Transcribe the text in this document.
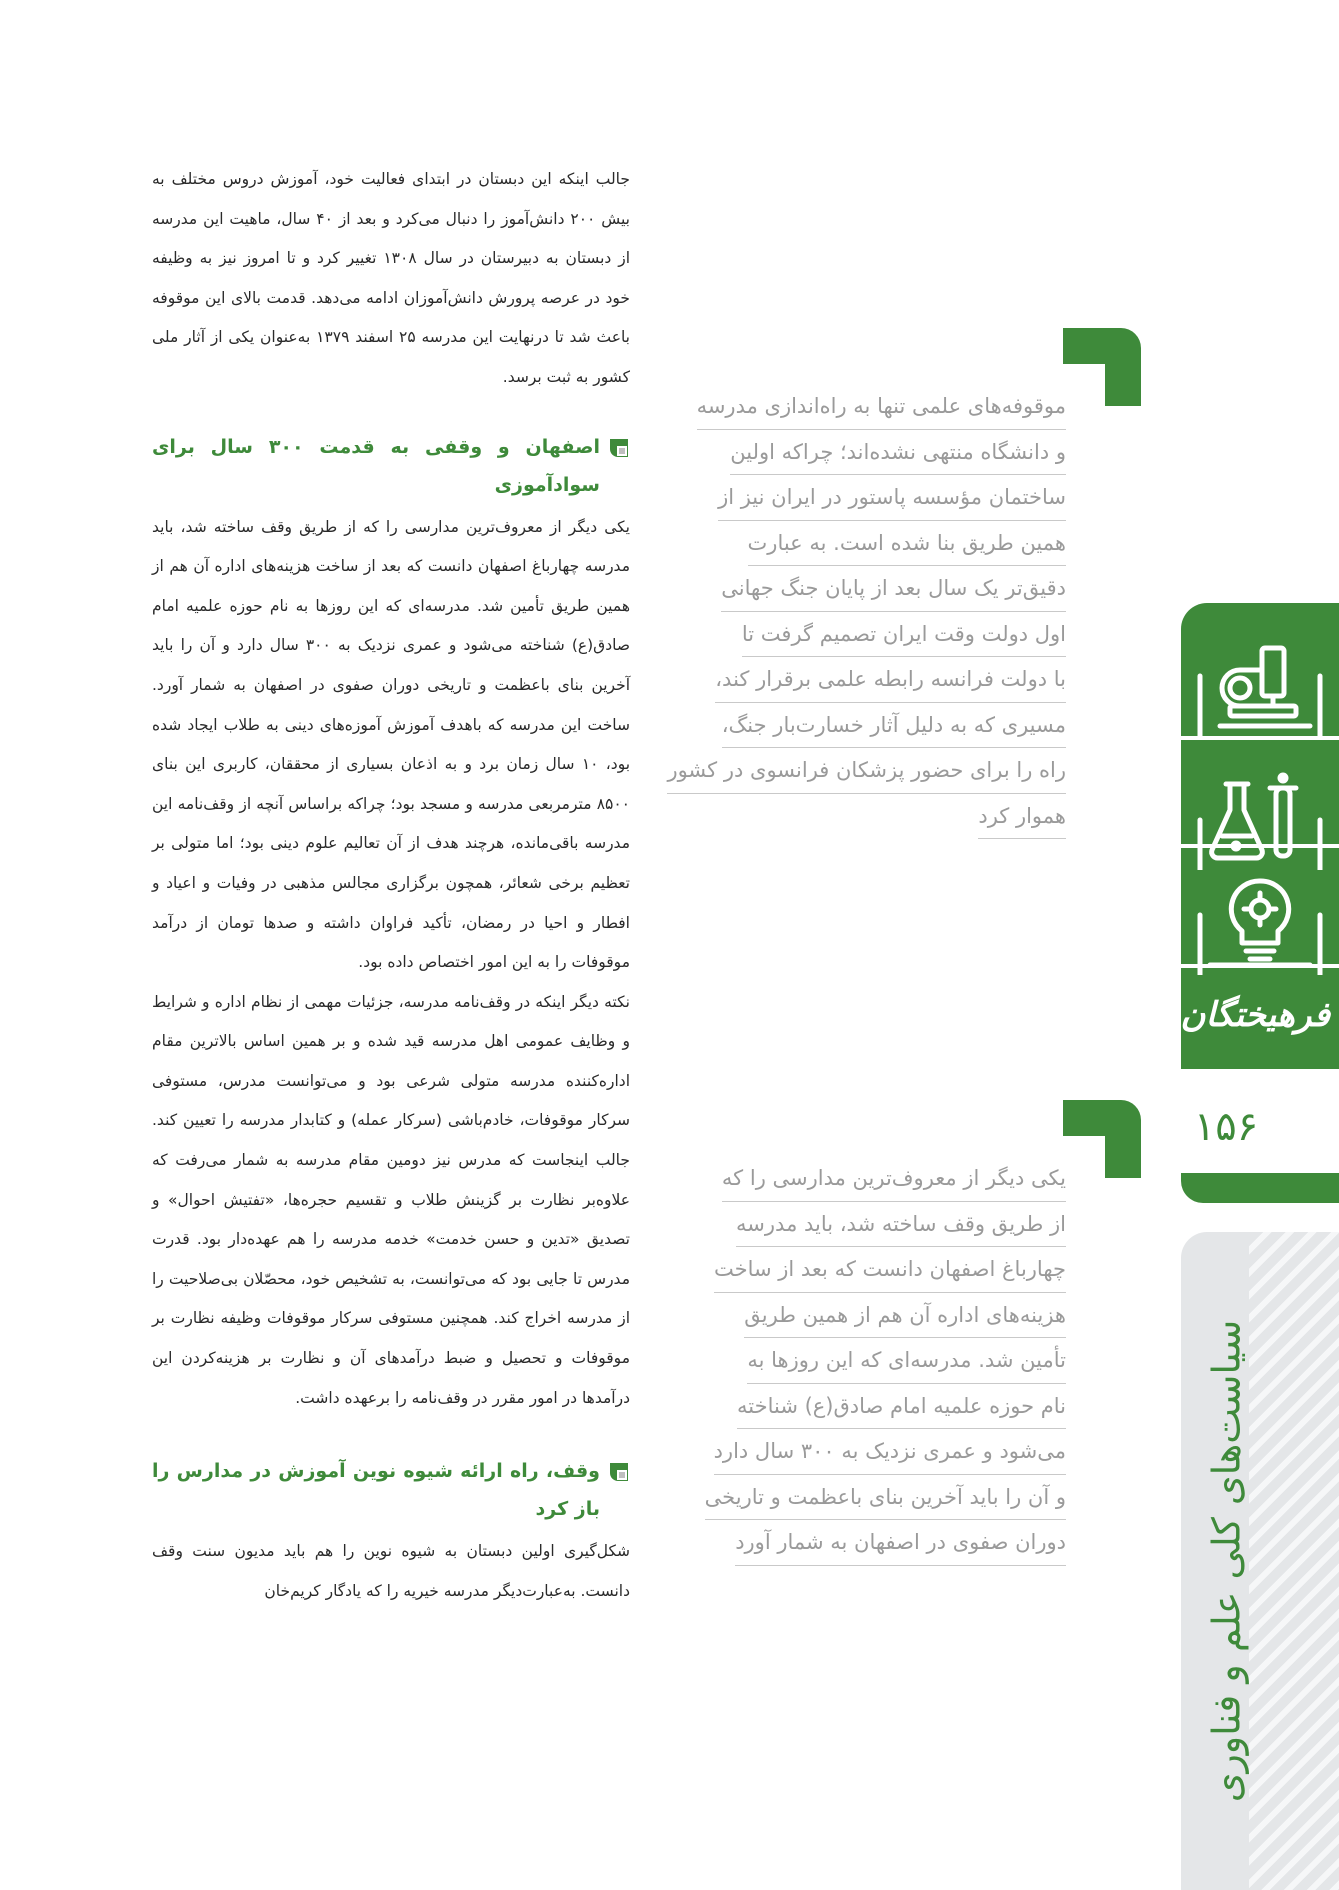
جالب اینکه این دبستان در ابتدای فعالیت خود، آموزش دروس مختلف به بیش ۲۰۰ دانش‌آموز را دنبال می‌کرد و بعد از ۴۰ سال، ماهیت این مدرسه از دبستان به دبیرستان در سال ۱۳۰۸ تغییر کرد و تا امروز نیز به وظیفه خود در عرصه پرورش دانش‌آموزان ادامه می‌دهد. قدمت بالای این موقوفه باعث شد تا درنهایت این مدرسه ۲۵ اسفند ۱۳۷۹ به‌عنوان یکی از آثار ملی کشور به ثبت برسد.

اصفهان و وقفی به قدمت ۳۰۰ سال برای سوادآموزی

یکی دیگر از معروف‌ترین مدارسی را که از طریق وقف ساخته شد، باید مدرسه چهارباغ اصفهان دانست که بعد از ساخت هزینه‌های اداره آن هم از همین طریق تأمین شد. مدرسه‌ای که این روزها به نام حوزه علمیه امام صادق(ع) شناخته می‌شود و عمری نزدیک به ۳۰۰ سال دارد و آن را باید آخرین بنای باعظمت و تاریخی دوران صفوی در اصفهان به شمار آورد. ساخت این مدرسه که باهدف آموزش آموزه‌های دینی به طلاب ایجاد شده بود، ۱۰ سال زمان برد و به اذعان بسیاری از محققان، کاربری این بنای ۸۵۰۰ مترمربعی مدرسه و مسجد بود؛ چراکه براساس آنچه از وقف‌نامه این مدرسه باقی‌مانده، هرچند هدف از آن تعالیم علوم دینی بود؛ اما متولی بر تعظیم برخی شعائر، همچون برگزاری مجالس مذهبی در وفیات و اعیاد و افطار و احیا در رمضان، تأکید فراوان داشته و صدها تومان از درآمد موقوفات را به این امور اختصاص داده بود.

نکته دیگر اینکه در وقف‌نامه مدرسه، جزئیات مهمی از نظام اداره و شرایط و وظایف عمومی اهل مدرسه قید شده و بر همین اساس بالاترین مقام اداره‌کننده مدرسه متولی شرعی بود و می‌توانست مدرس، مستوفی سرکار موقوفات، خادم‌باشی (سرکار عمله) و کتابدار مدرسه را تعیین کند. جالب اینجاست که مدرس نیز دومین مقام مدرسه به شمار می‌رفت که علاوه‌بر نظارت بر گزینش طلاب و تقسیم حجره‌ها، «تفتیش احوال» و تصدیق «تدین و حسن خدمت» خدمه مدرسه را هم عهده‌دار بود. قدرت مدرس تا جایی بود که می‌توانست، به تشخیص خود، محصّلان بی‌صلاحیت را از مدرسه اخراج کند. همچنین مستوفی سرکار موقوفات وظیفه نظارت بر موقوفات و تحصیل و ضبط درآمدهای آن و نظارت بر هزینه‌کردن این درآمدها در امور مقرر در وقف‌نامه را برعهده داشت.

وقف، راه ارائه شیوه نوین آموزش در مدارس را باز کرد

شکل‌گیری اولین دبستان به شیوه نوین را هم باید مدیون سنت وقف دانست. به‌عبارت‌دیگر مدرسه خیریه را که یادگار کریم‌خان

موقوفه‌های علمی تنها به راه‌اندازی مدرسه
و دانشگاه منتهی نشده‌اند؛ چراکه اولین
ساختمان مؤسسه پاستور در ایران نیز از
همین طریق بنا شده است. به عبارت
دقیق‌تر یک سال بعد از پایان جنگ جهانی
اول دولت وقت ایران تصمیم گرفت تا
با دولت فرانسه رابطه علمی برقرار کند،
مسیری که به دلیل آثار خسارت‌بار جنگ،
راه را برای حضور پزشکان فرانسوی در کشور
هموار کرد
یکی دیگر از معروف‌ترین مدارسی را که
از طریق وقف ساخته شد، باید مدرسه
چهارباغ اصفهان دانست که بعد از ساخت
هزینه‌های اداره آن هم از همین طریق
تأمین شد. مدرسه‌ای که این روزها به
نام حوزه علمیه امام صادق(ع) شناخته
می‌شود و عمری نزدیک به ۳۰۰ سال دارد
و آن را باید آخرین بنای باعظمت و تاریخی
دوران صفوی در اصفهان به شمار آورد
فرهیختگان
۱۵۶
سیاست‌های کلی علم و فناوری
